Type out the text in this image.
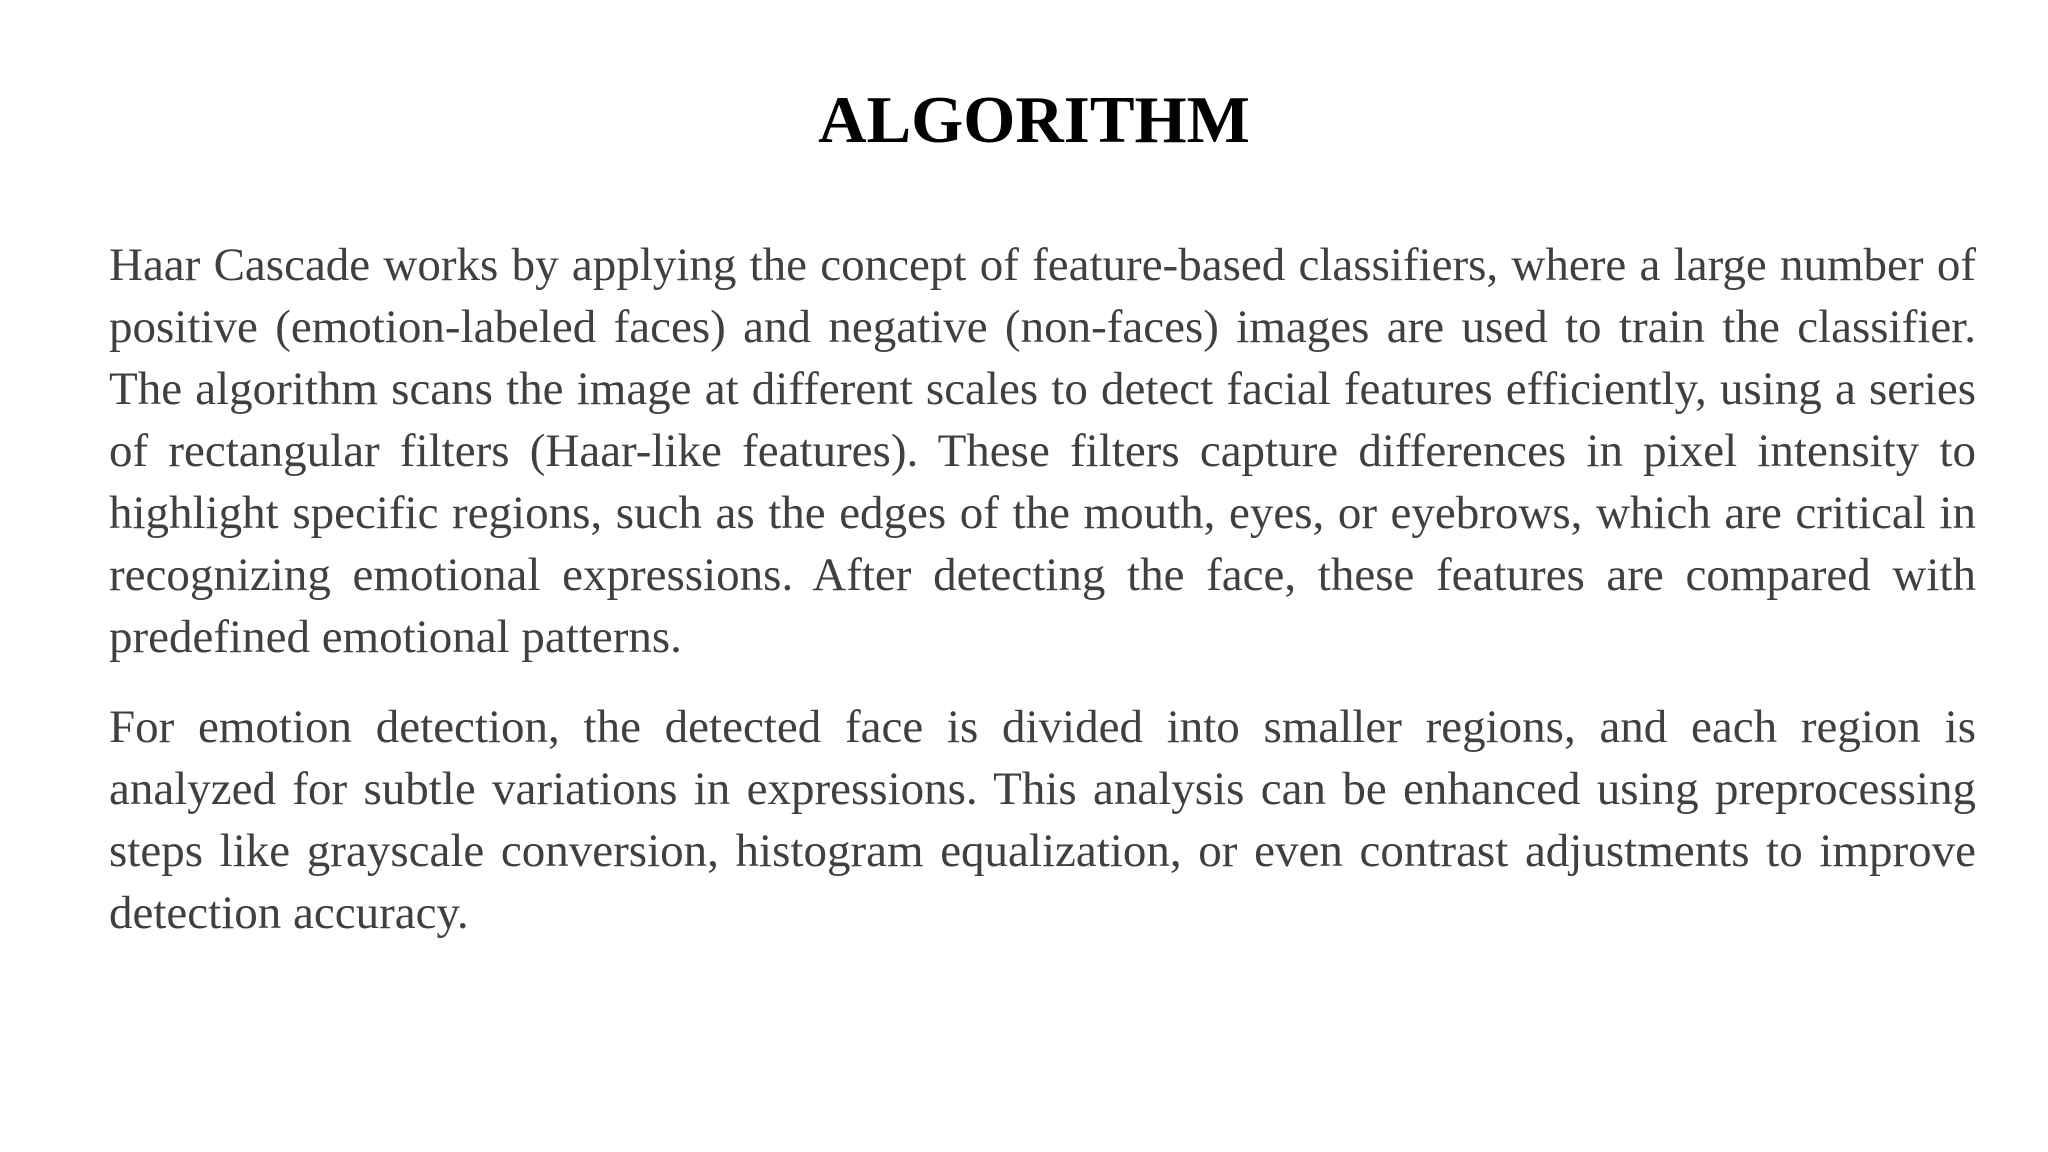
ALGORITHM

Haar Cascade works by applying the concept of feature-based classifiers, where a large number of positive (emotion-labeled faces) and negative (non-faces) images are used to train the classifier. The algorithm scans the image at different scales to detect facial features efficiently, using a series of rectangular filters (Haar-like features). These filters capture differences in pixel intensity to highlight specific regions, such as the edges of the mouth, eyes, or eyebrows, which are critical in recognizing emotional expressions. After detecting the face, these features are compared with predefined emotional patterns.

For emotion detection, the detected face is divided into smaller regions, and each region is analyzed for subtle variations in expressions. This analysis can be enhanced using preprocessing steps like grayscale conversion, histogram equalization, or even contrast adjustments to improve detection accuracy.
